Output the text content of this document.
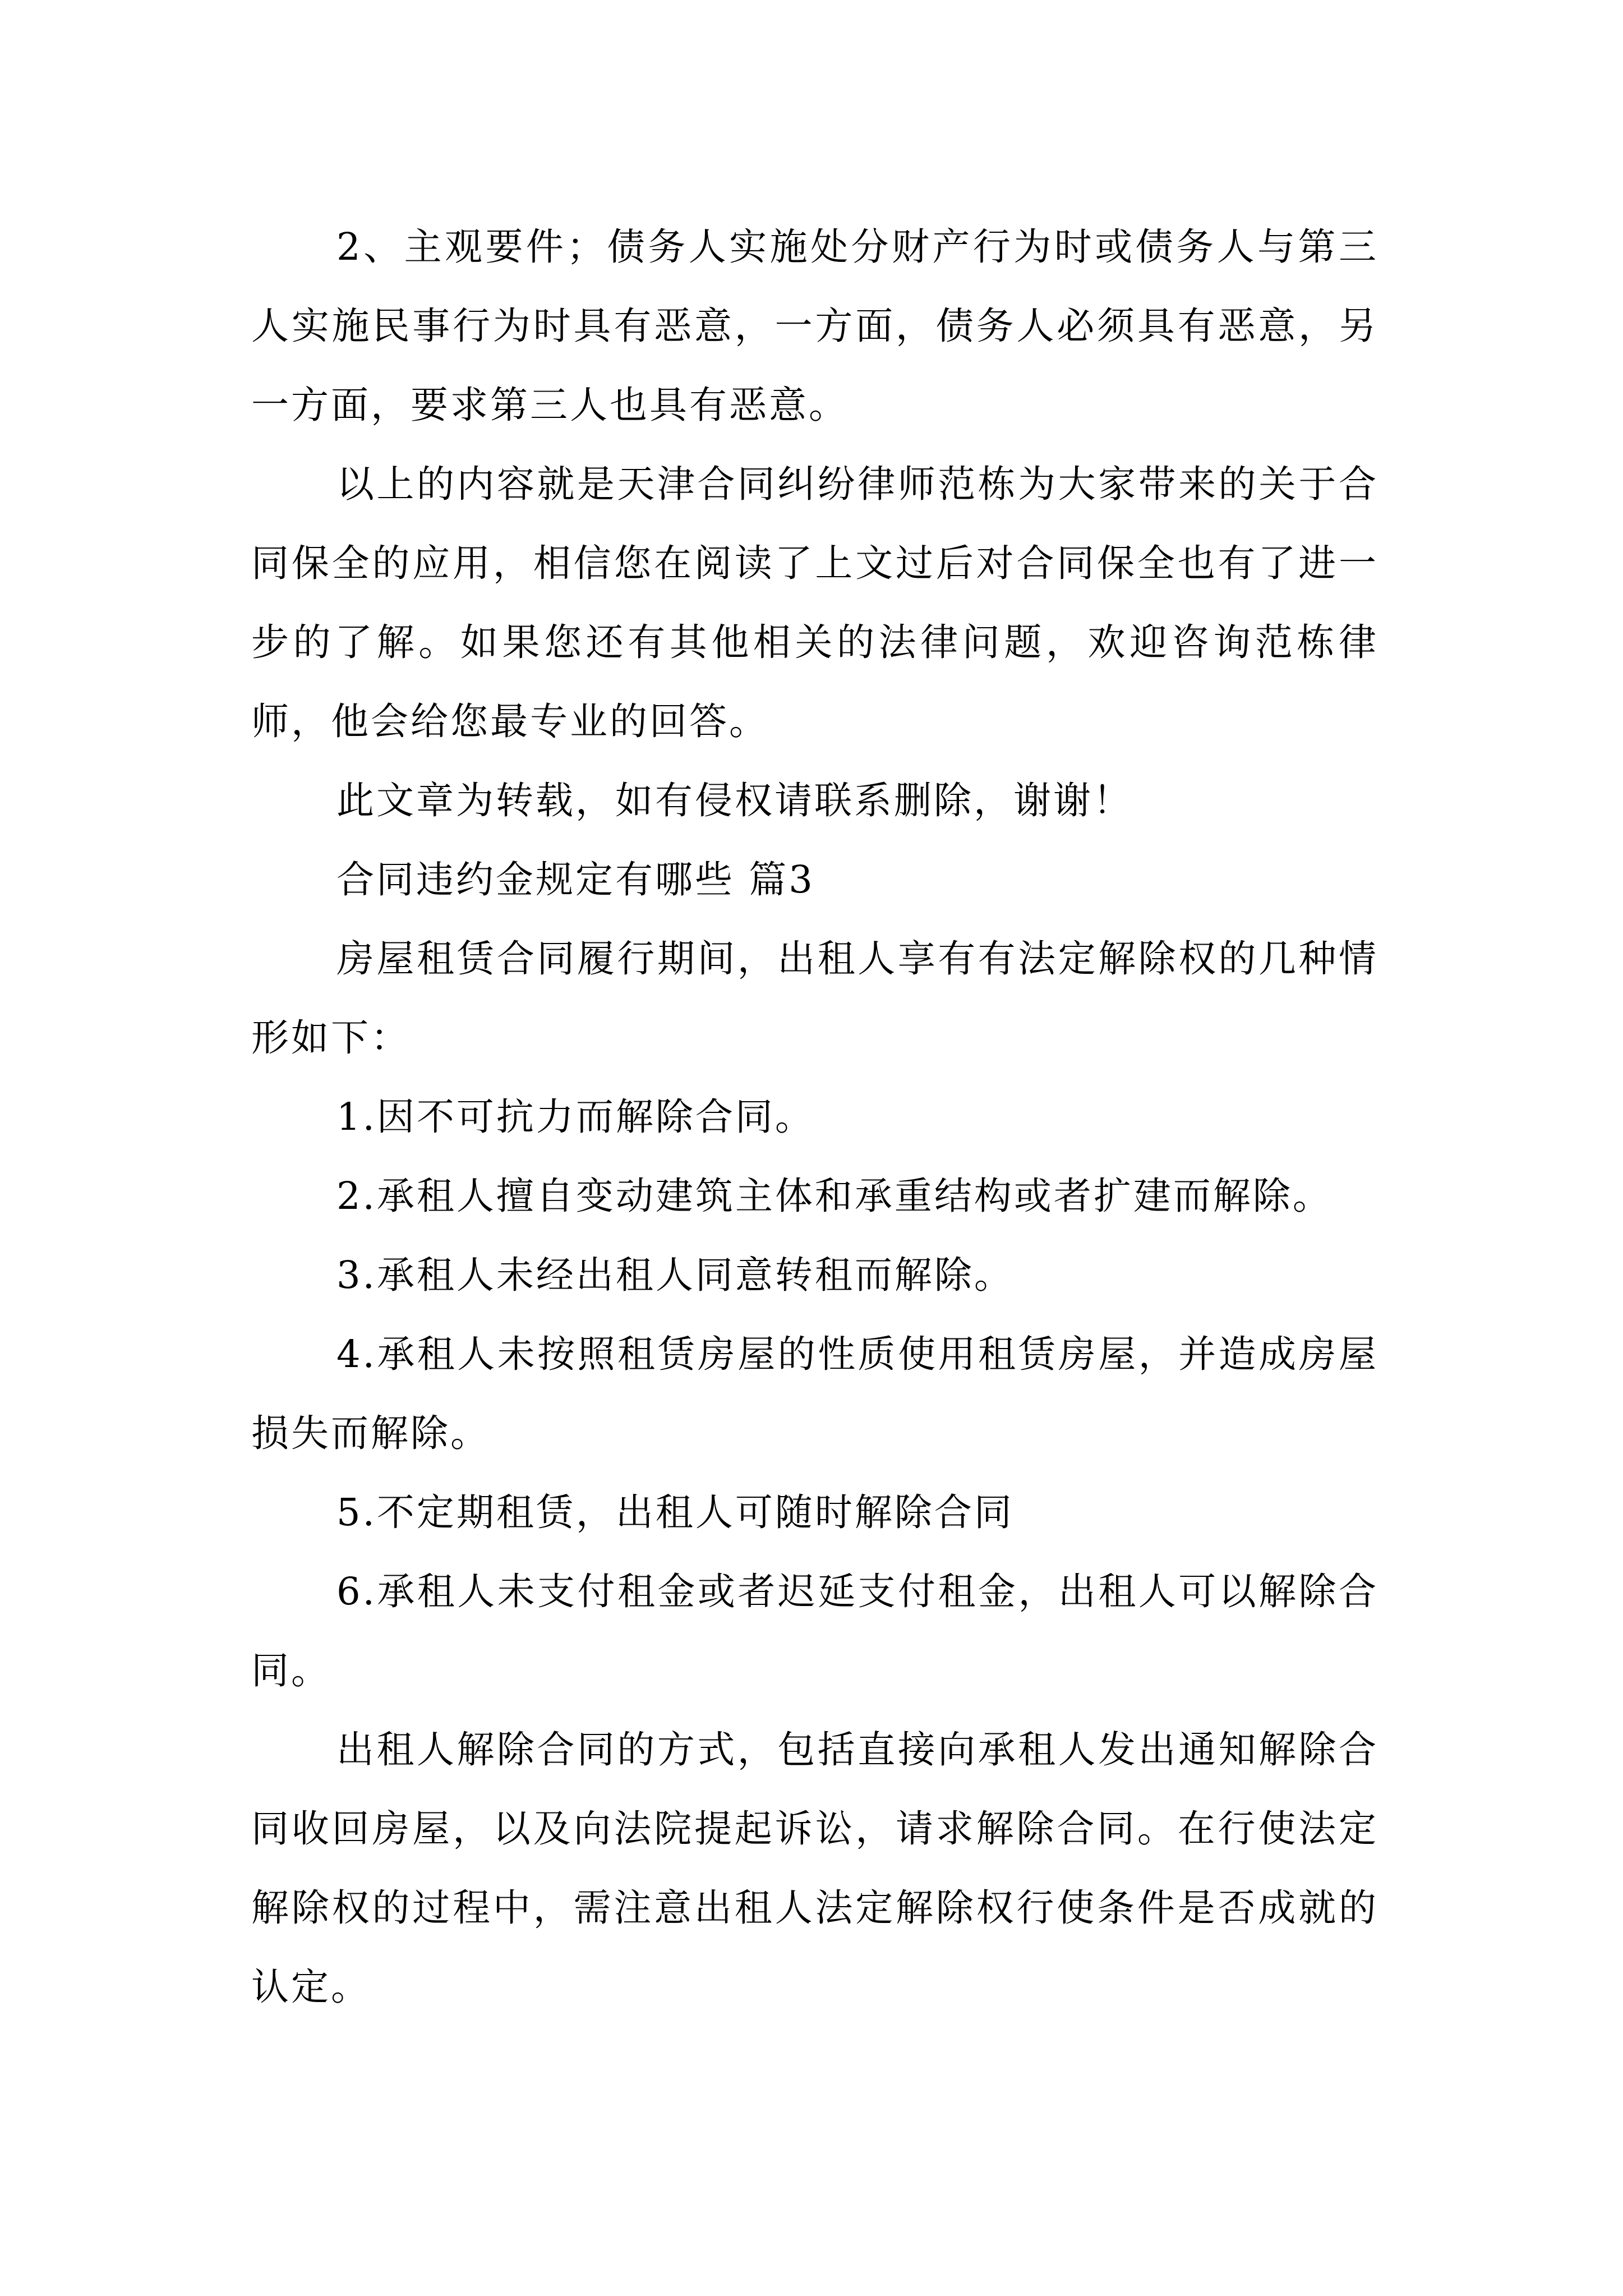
2、主观要件；债务人实施处分财产行为时或债务人与第三人实施民事行为时具有恶意，一方面，债务人必须具有恶意，另一方面，要求第三人也具有恶意。

以上的内容就是天津合同纠纷律师范栋为大家带来的关于合同保全的应用，相信您在阅读了上文过后对合同保全也有了进一步的了解。如果您还有其他相关的法律问题，欢迎咨询范栋律师，他会给您最专业的回答。

此文章为转载，如有侵权请联系删除，谢谢！

合同违约金规定有哪些 篇3

房屋租赁合同履行期间，出租人享有有法定解除权的几种情形如下：

1.因不可抗力而解除合同。

2.承租人擅自变动建筑主体和承重结构或者扩建而解除。

3.承租人未经出租人同意转租而解除。

4.承租人未按照租赁房屋的性质使用租赁房屋，并造成房屋损失而解除。

5.不定期租赁，出租人可随时解除合同

6.承租人未支付租金或者迟延支付租金，出租人可以解除合同。

出租人解除合同的方式，包括直接向承租人发出通知解除合同收回房屋，以及向法院提起诉讼，请求解除合同。在行使法定解除权的过程中，需注意出租人法定解除权行使条件是否成就的认定。
